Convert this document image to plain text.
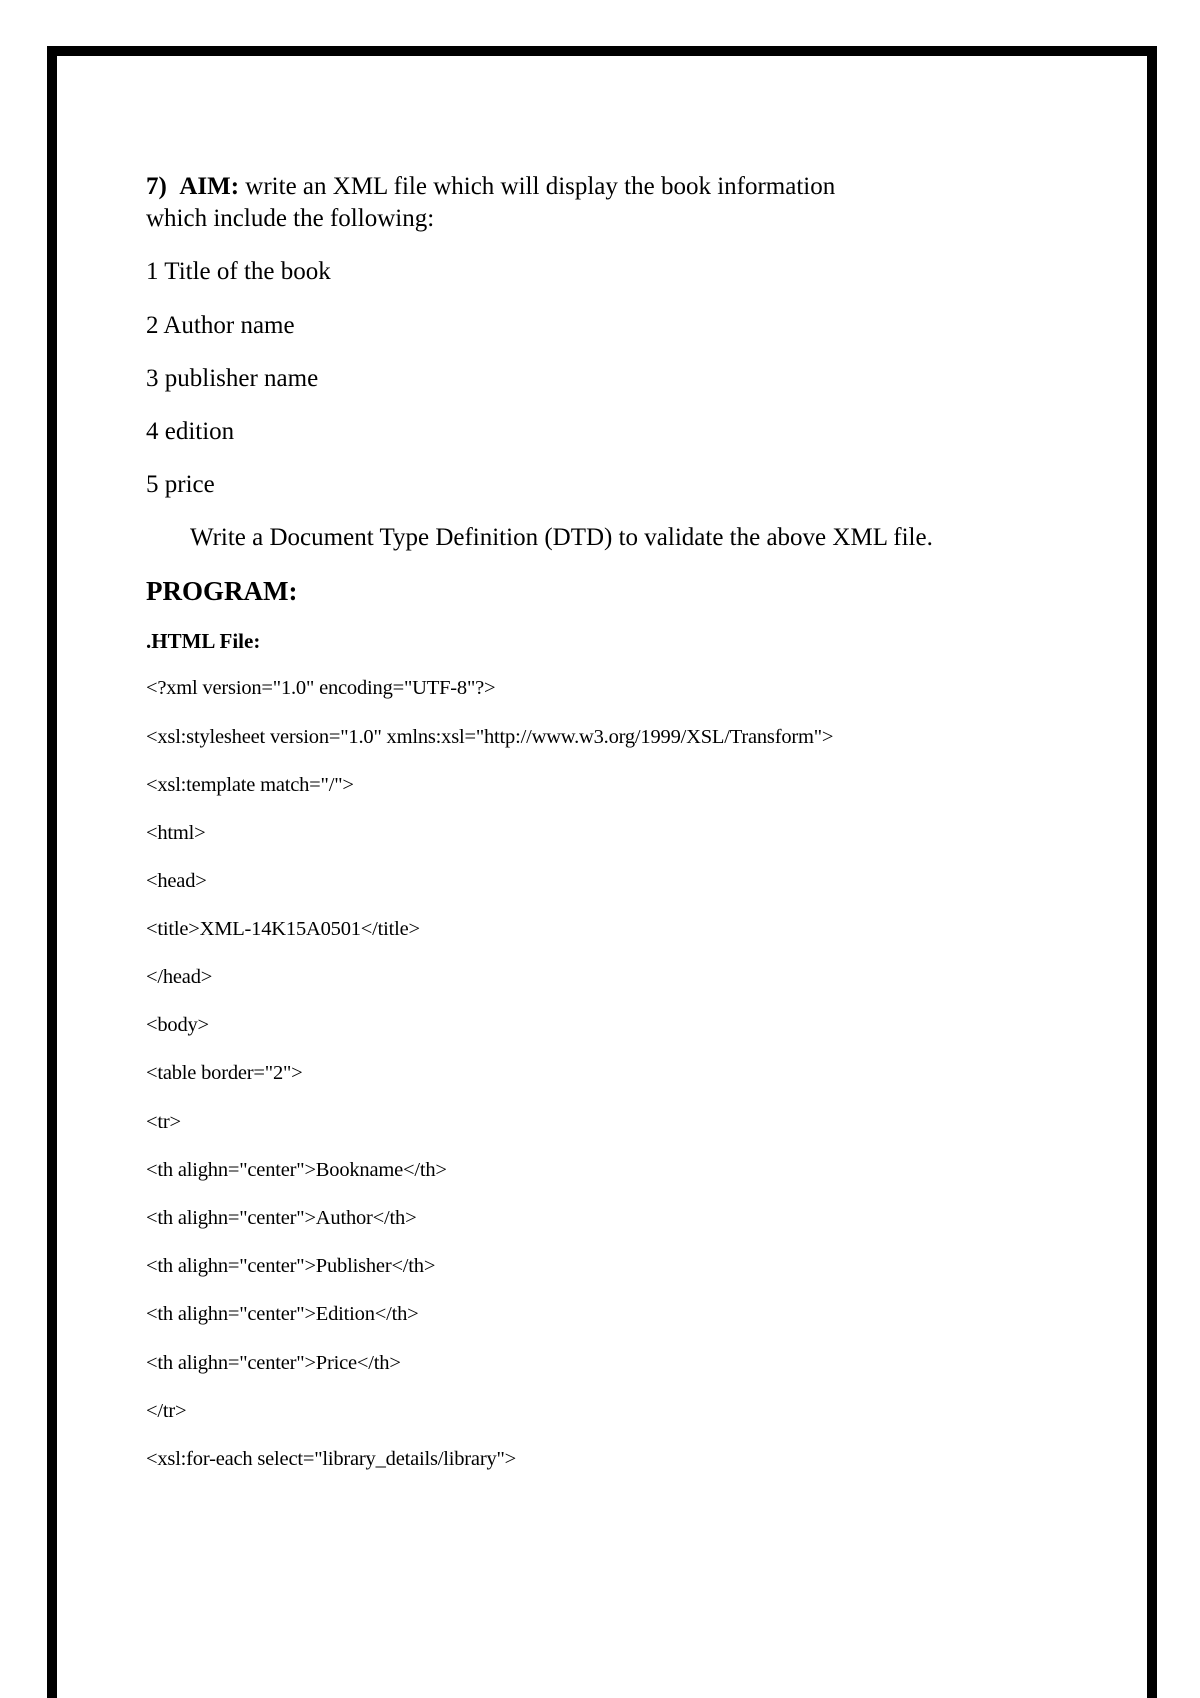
7) AIM: write an XML file which will display the book information
which include the following:
1 Title of the book
2 Author name
3 publisher name
4 edition
5 price
Write a Document Type Definition (DTD) to validate the above XML file.
PROGRAM:
.HTML File:
<?xml version="1.0" encoding="UTF-8"?>
<xsl:stylesheet version="1.0" xmlns:xsl="http://www.w3.org/1999/XSL/Transform">
<xsl:template match="/">
<html>
<head>
<title>XML-14K15A0501</title>
</head>
<body>
<table border="2">
<tr>
<th alighn="center">Bookname</th>
<th alighn="center">Author</th>
<th alighn="center">Publisher</th>
<th alighn="center">Edition</th>
<th alighn="center">Price</th>
</tr>
<xsl:for-each select="library_details/library">
